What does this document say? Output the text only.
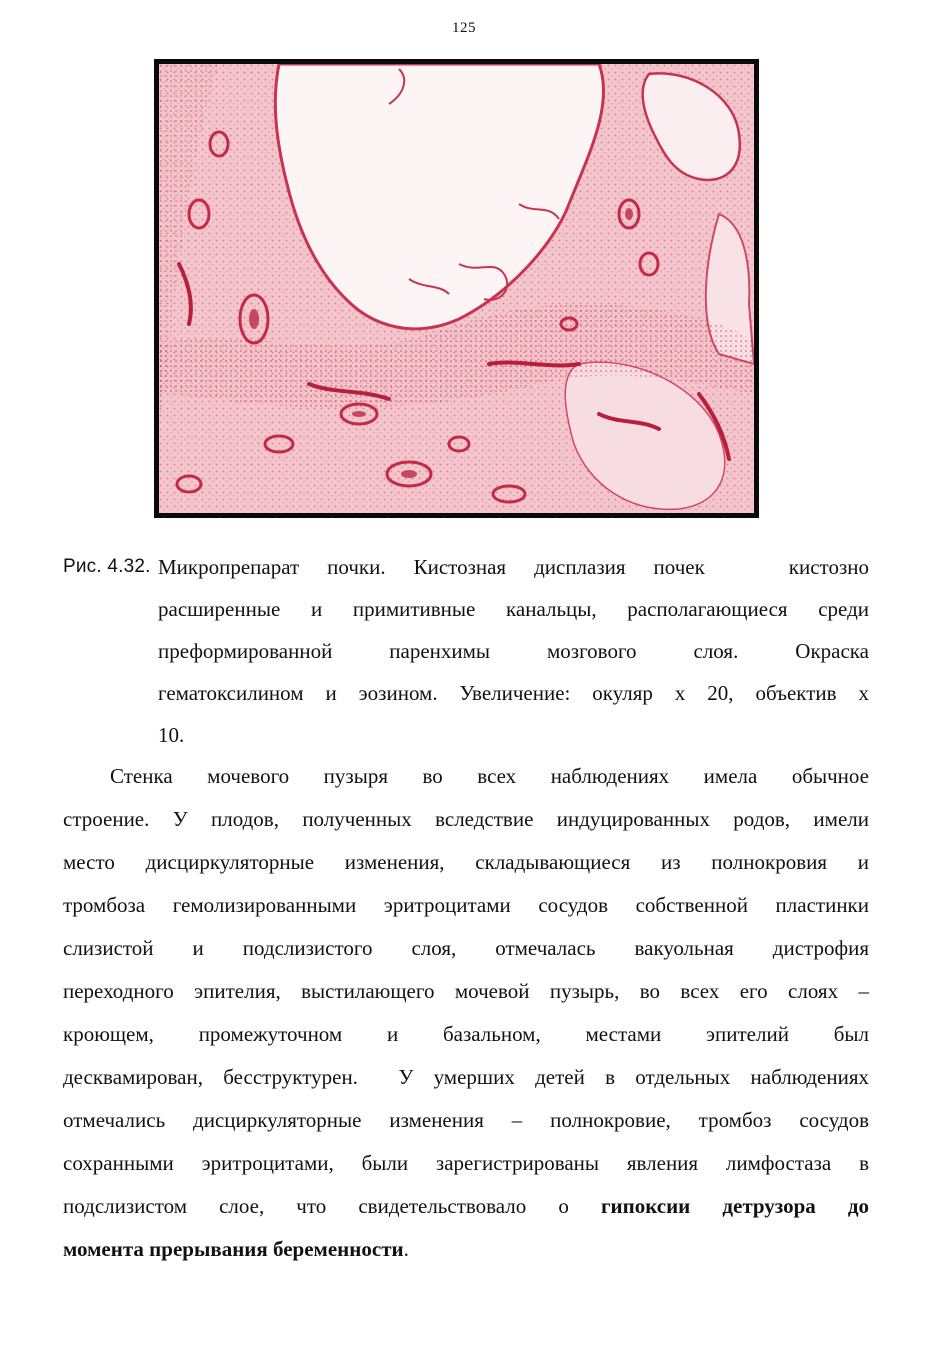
125
Рис. 4.32. Микропрепарат почки. Кистозная дисплазия почек   кистозно
расширенные и примитивные канальцы, располагающиеся среди
преформированной   паренхимы   мозгового   слоя.   Окраска
гематоксилином и эозином. Увеличение: окуляр х 20, объектив х
10.
Стенка мочевого пузыря во всех наблюдениях имела обычное
строение. У плодов, полученных вследствие индуцированных родов, имели
место дисциркуляторные изменения, складывающиеся из полнокровия и
тромбоза гемолизированными эритроцитами сосудов собственной пластинки
слизистой и подслизистого слоя, отмечалась вакуольная дистрофия
переходного эпителия, выстилающего мочевой пузырь, во всех его слоях –
кроющем, промежуточном и базальном, местами эпителий был
десквамирован, бесструктурен.  У умерших детей в отдельных наблюдениях
отмечались дисциркуляторные изменения – полнокровие, тромбоз сосудов
сохранными эритроцитами, были зарегистрированы явления лимфостаза в
подслизистом слое, что свидетельствовало о гипоксии детрузора до
момента прерывания беременности.
